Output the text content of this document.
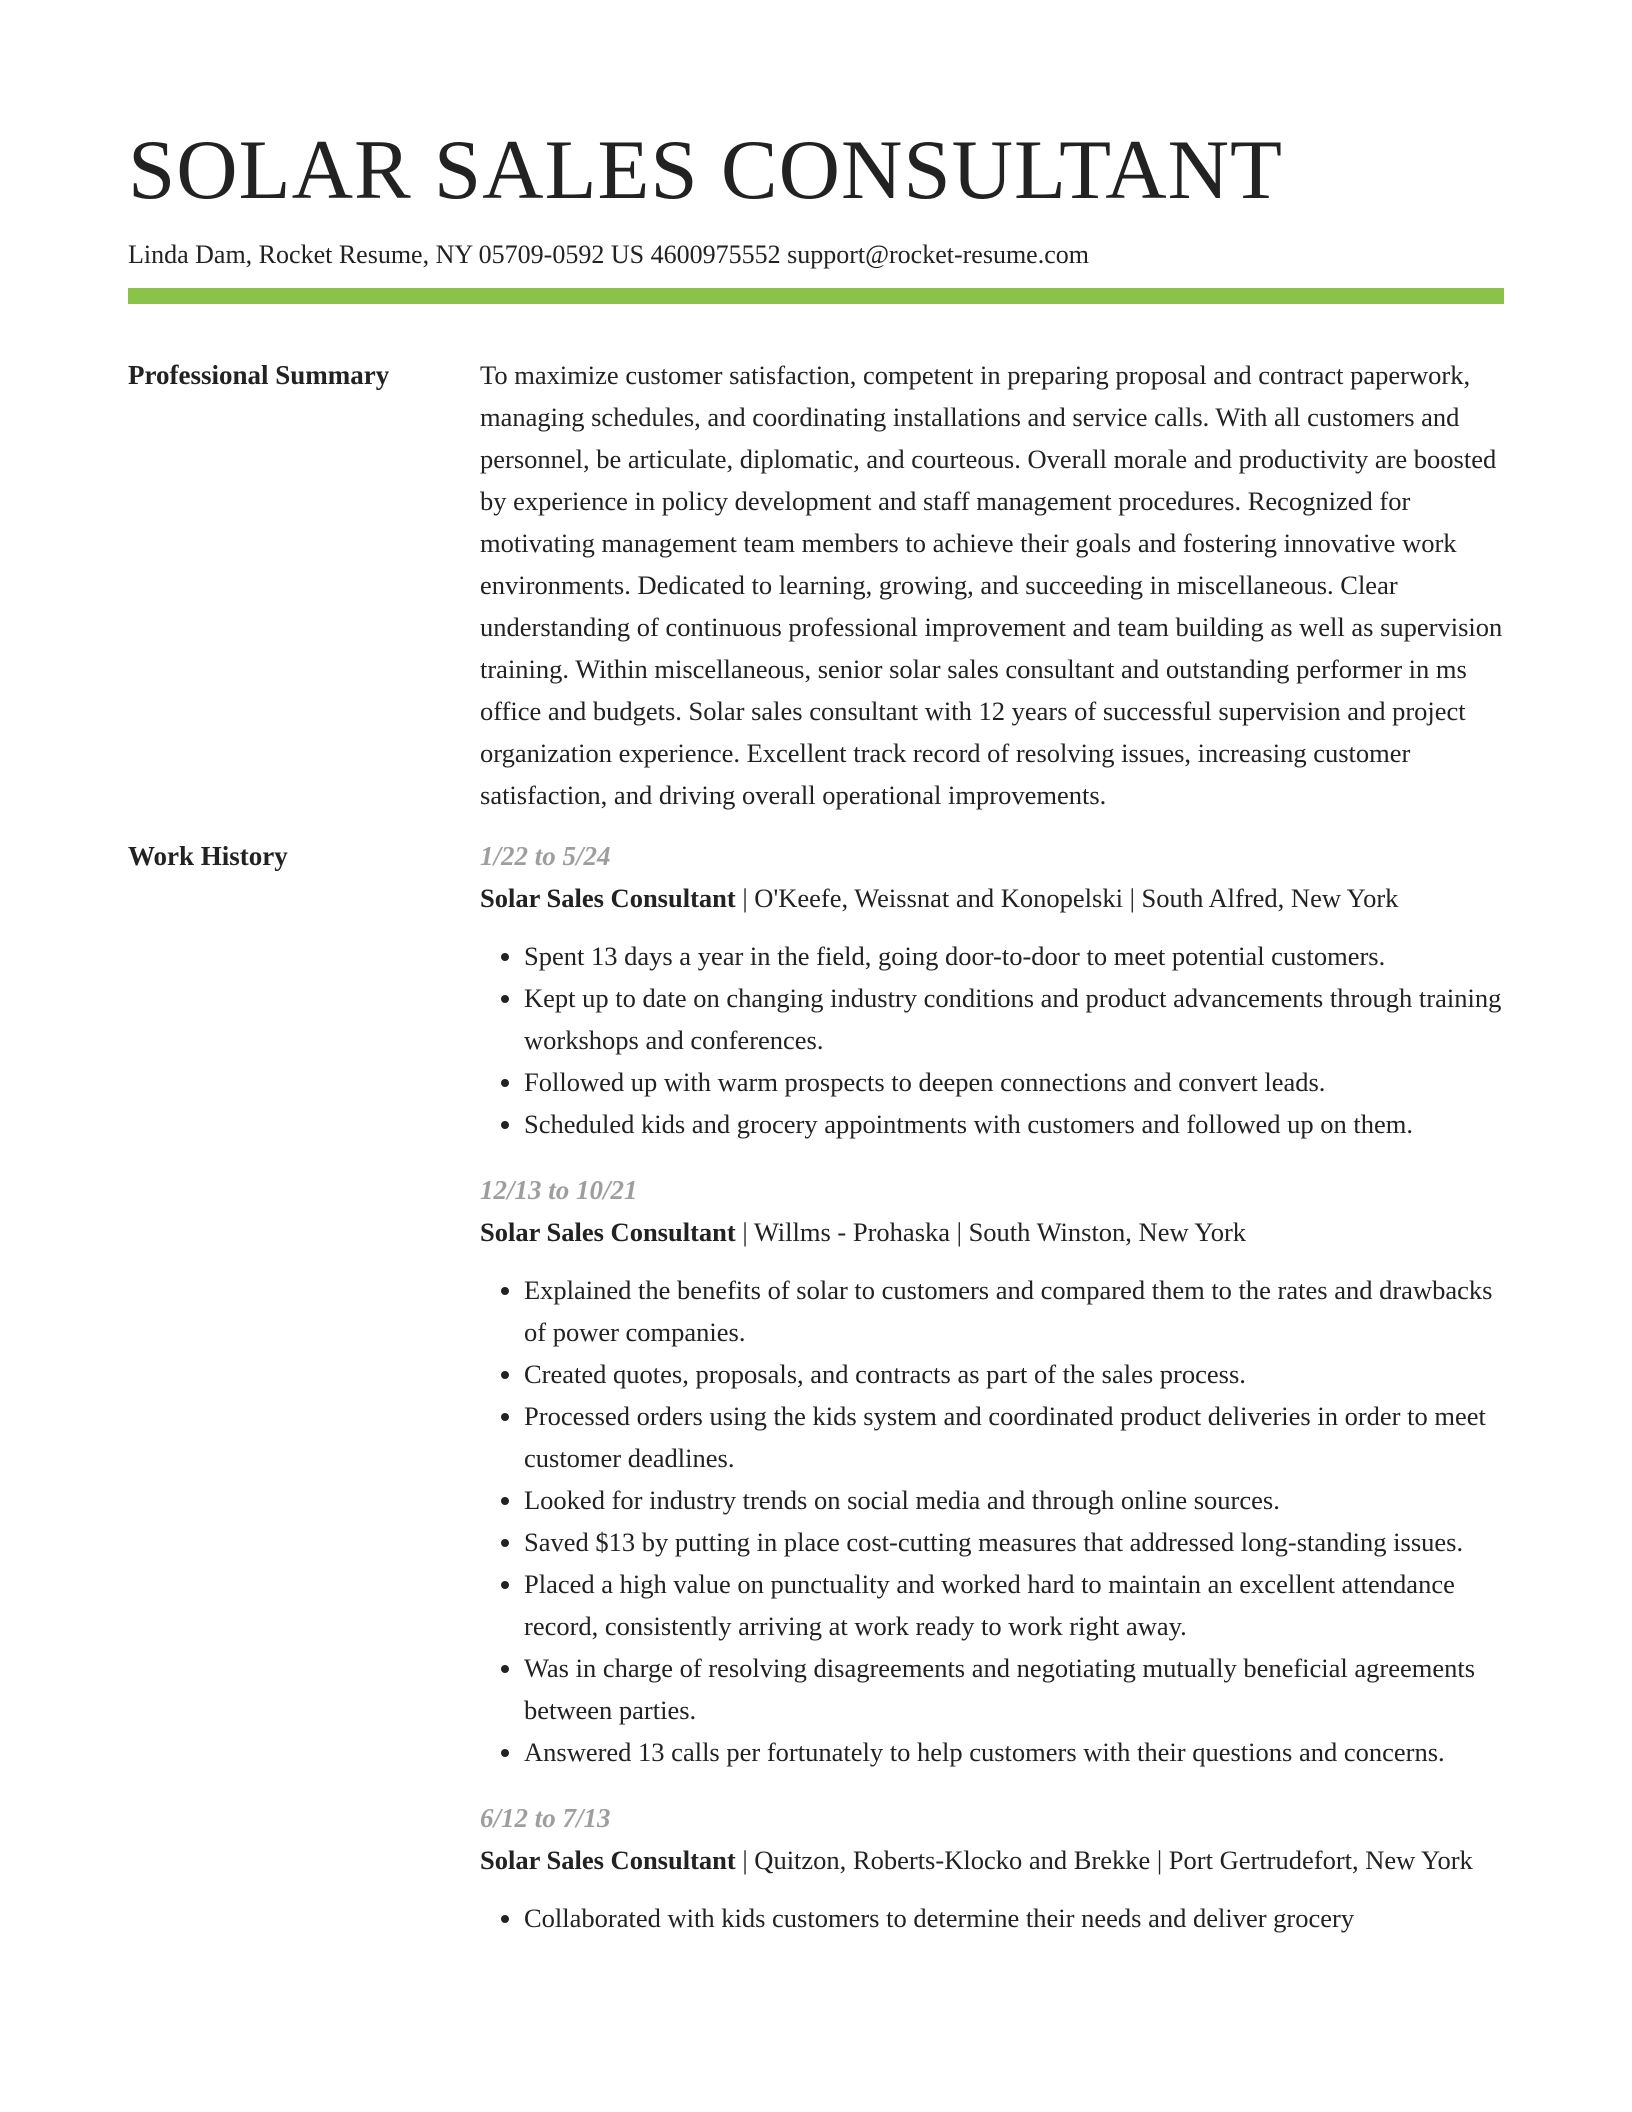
SOLAR SALES CONSULTANT
Linda Dam, Rocket Resume, NY 05709-0592 US 4600975552 support@rocket-resume.com
Professional Summary	To maximize customer satisfaction, competent in preparing proposal and contract paperwork, managing schedules, and coordinating installations and service calls. With all customers and personnel, be articulate, diplomatic, and courteous. Overall morale and productivity are boosted by experience in policy development and staff management procedures. Recognized for motivating management team members to achieve their goals and fostering innovative work environments. Dedicated to learning, growing, and succeeding in miscellaneous. Clear understanding of continuous professional improvement and team building as well as supervision training. Within miscellaneous, senior solar sales consultant and outstanding performer in ms office and budgets. Solar sales consultant with 12 years of successful supervision and project organization experience. Excellent track record of resolving issues, increasing customer satisfaction, and driving overall operational improvements.

Work History	1/22 to 5/24
Solar Sales Consultant | O'Keefe, Weissnat and Konopelski | South Alfred, New York
• Spent 13 days a year in the field, going door-to-door to meet potential customers.
• Kept up to date on changing industry conditions and product advancements through training workshops and conferences.
• Followed up with warm prospects to deepen connections and convert leads.
• Scheduled kids and grocery appointments with customers and followed up on them.
12/13 to 10/21
Solar Sales Consultant | Willms - Prohaska | South Winston, New York
• Explained the benefits of solar to customers and compared them to the rates and drawbacks of power companies.
• Created quotes, proposals, and contracts as part of the sales process.
• Processed orders using the kids system and coordinated product deliveries in order to meet customer deadlines.
• Looked for industry trends on social media and through online sources.
• Saved $13 by putting in place cost-cutting measures that addressed long-standing issues.
• Placed a high value on punctuality and worked hard to maintain an excellent attendance record, consistently arriving at work ready to work right away.
• Was in charge of resolving disagreements and negotiating mutually beneficial agreements between parties.
• Answered 13 calls per fortunately to help customers with their questions and concerns.
6/12 to 7/13
Solar Sales Consultant | Quitzon, Roberts-Klocko and Brekke | Port Gertrudefort, New York
• Collaborated with kids customers to determine their needs and deliver grocery
